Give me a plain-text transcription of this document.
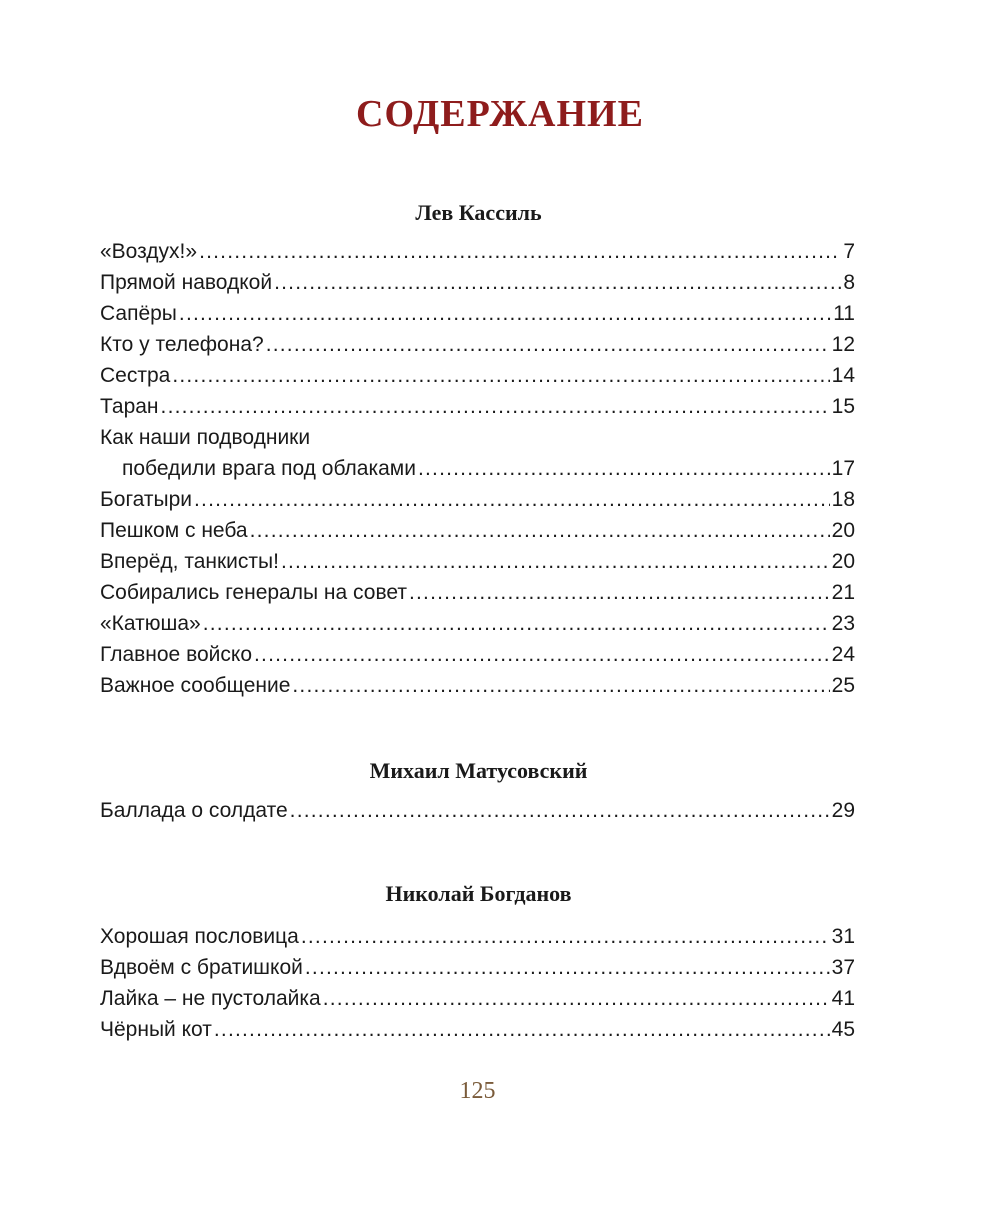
СОДЕРЖАНИЕ
Лев Кассиль
«Воздух!» .....	7
Прямой наводкой .....	8
Сапёры .....	11
Кто у телефона? .....	12
Сестра .....	14
Таран .....	15
Как наши подводники
победили врага под облаками .....	17
Богатыри .....	18
Пешком с неба .....	20
Вперёд, танкисты! .....	20
Собирались генералы на совет .....	21
«Катюша» .....	23
Главное войско .....	24
Важное сообщение .....	25
Михаил Матусовский
Баллада о солдате .....	29
Николай Богданов
Хорошая пословица .....	31
Вдвоём с братишкой .....	37
Лайка – не пустолайка .....	41
Чёрный кот .....	45
125
